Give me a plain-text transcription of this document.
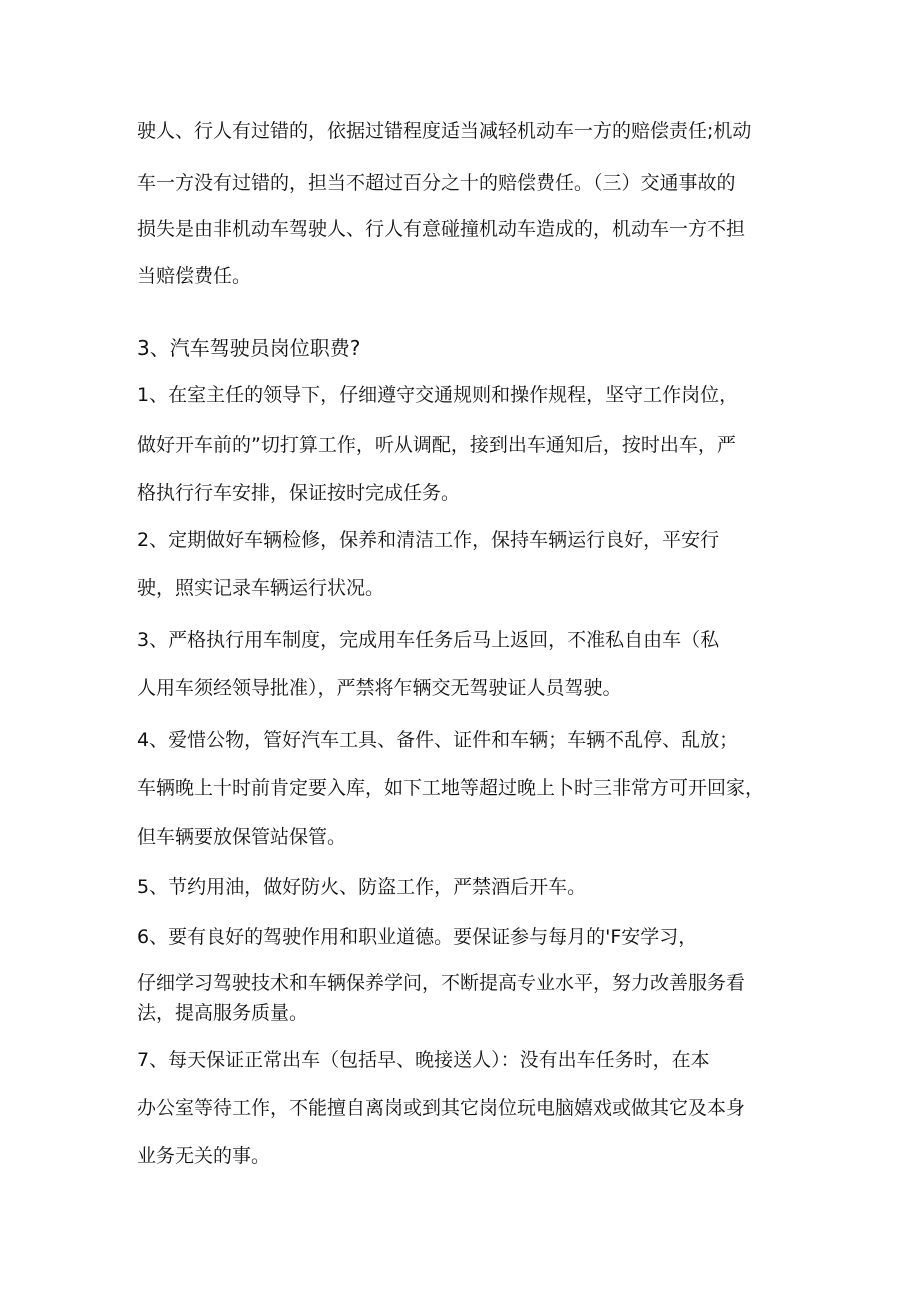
驶人、行人有过错的，依据过错程度适当减轻机动车一方的赔偿责任;机动
车一方没有过错的，担当不超过百分之十的赔偿费任。（三）交通事故的
损失是由非机动车驾驶人、行人有意碰撞机动车造成的，机动车一方不担
当赔偿费任。
3、汽车驾驶员岗位职费?
1、在室主任的领导下，仔细遵守交通规则和操作规程，坚守工作岗位，
做好开车前的”切打算工作，听从调配，接到出车通知后，按时出车，严
格执行行车安排，保证按时完成任务。
2、定期做好车辆检修，保养和清洁工作，保持车辆运行良好，平安行
驶，照实记录车辆运行状况。
3、严格执行用车制度，完成用车任务后马上返回，不准私自由车（私
人用车须经领导批准），严禁将乍辆交无驾驶证人员驾驶。
4、爱惜公物，管好汽车工具、备件、证件和车辆；车辆不乱停、乱放；
车辆晚上十时前肯定要入库，如下工地等超过晚上卜时三非常方可开回家，
但车辆要放保管站保管。
5、节约用油，做好防火、防盗工作，严禁酒后开车。
6、要有良好的驾驶作用和职业道德。要保证参与每月的'F安学习，
仔细学习驾驶技术和车辆保养学问，不断提高专业水平，努力改善服务看
法，提高服务质量。
7、每天保证正常出车（包括早、晚接送人）：没有出车任务时，在本
办公室等待工作，不能擅自离岗或到其它岗位玩电脑嬉戏或做其它及本身
业务无关的事。
